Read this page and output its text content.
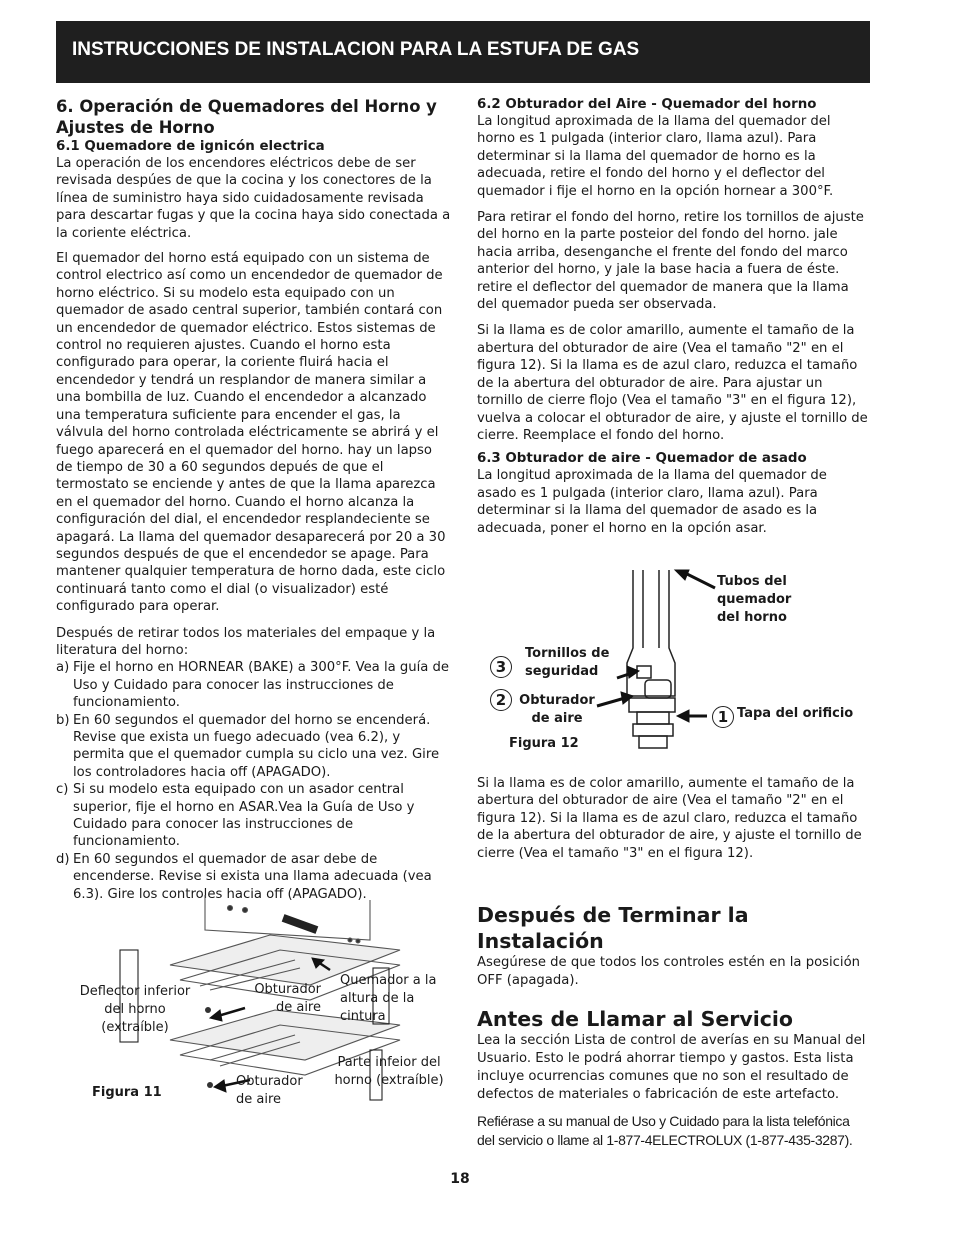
INSTRUCCIONES DE INSTALACION PARA LA ESTUFA DE GAS
6. Operación de Quemadores del Horno y Ajustes de Horno
6.1 Quemadore de ignicón electrica

La operación de los encendores eléctricos debe de ser revisada despúes de que la cocina y los conectores de la línea de suministro haya sido cuidadosamente revisada para descartar fugas y que la cocina haya sido conectada a la coriente eléctrica.

El quemador del horno está equipado con un sistema de control electrico así como un encendedor de quemador de horno eléctrico. Si su modelo esta equipado con un quemador de asado central superior, también contará con un encendedor de quemador eléctrico. Estos sistemas de control no requieren ajustes. Cuando el horno esta configurado para operar, la coriente fluirá hacia el encendedor y tendrá un resplandor de manera similar a una bombilla de luz. Cuando el encendedor a alcanzado una temperatura suficiente para encender el gas, la válvula del horno controlada eléctricamente se abrirá y el fuego aparecerá en el quemador del horno. hay un lapso de tiempo de 30 a 60 segundos depués de que el termostato se enciende y antes de que la llama aparezca en el quemador del horno. Cuando el horno alcanza la configuración del dial, el encendedor resplandeciente se apagará. La llama del quemador desaparecerá por 20 a 30 segundos después de que el encendedor se apage. Para mantener qualquier temperatura de horno dada, este ciclo continuará tanto como el dial (o visualizador) esté configurado para operar.

Después de retirar todos los materiales del empaque y la literatura del horno:

a) Fije el horno en HORNEAR (BAKE) a 300°F. Vea la guía de Uso y Cuidado para conocer las instrucciones de funcionamiento.
b) En 60 segundos el quemador del horno se encenderá. Revise que exista un fuego adecuado (vea 6.2), y permita que el quemador cumpla su ciclo una vez. Gire los controladores hacia off (APAGADO).
c) Si su modelo esta equipado con un asador central superior, fije el horno en ASAR.Vea la Guía de Uso y Cuidado para conocer las instrucciones de funcionamiento.
d) En 60 segundos el quemador de asar debe de encenderse. Revise si exista una llama adecuada (vea 6.3). Gire los controles hacia off (APAGADO).
6.2 Obturador del Aire - Quemador del horno

La longitud aproximada de la llama del quemador del horno es 1 pulgada (interior claro, llama azul). Para determinar si la llama del quemador de horno es la adecuada, retire el fondo del horno y el deflector del quemador i fije el horno en la opción hornear a 300°F.

Para retirar el fondo del horno, retire los tornillos de ajuste del horno en la parte posteior del fondo del horno. jale hacia arriba, desenganche el frente del fondo del marco anterior del horno, y jale la base hacia a fuera de éste. retire el deflector del quemador de manera que la llama del quemador pueda ser observada.

Si la llama es de color amarillo, aumente el tamaño de la abertura del obturador de aire (Vea el tamaño "2" en el figura 12). Si la llama es de azul claro, reduzca el tamaño de la abertura del obturador de aire. Para ajustar un tornillo de cierre flojo (Vea el tamaño "3" en el figura 12), vuelva a colocar el obturador de aire, y ajuste el tornillo de cierre. Reemplace el fondo del horno.

6.3 Obturador de aire - Quemador de asado

La longitud aproximada de la llama del quemador de asado es 1 pulgada (interior claro, llama azul). Para determinar si la llama del quemador de asado es la adecuada, poner el horno en la opción asar.

Tubos del quemador del horno
Tornillos de seguridad
Obturador de aire	Tapa del orificio
Figura 12
3
2
1

Si la llama es de color amarillo, aumente el tamaño de la abertura del obturador de aire (Vea el tamaño "2" en el figura 12). Si la llama es de azul claro, reduzca el tamaño de la abertura del obturador de aire, y ajuste el tornillo de cierre (Vea el tamaño "3" en el figura 12).

Después de Terminar la Instalación

Asegúrese de que todos los controles estén en la posición OFF (apagada).

Antes de Llamar al Servicio

Lea la sección Lista de control de averías en su Manual del Usuario. Esto le podrá ahorrar tiempo y gastos. Esta lista incluye ocurrencias comunes que no son el resultado de defectos de materiales o fabricación de este artefacto.

Refiérase a su manual de Uso y Cuidado para la lista telefónica del servicio o llame al 1-877-4ELECTROLUX (1-877-435-3287).

Deflector inferior del horno (extraíble)
Obturador de aire
Quemador a la altura de la cintura
Parte infeior del horno (extraíble)
Obturador de aire
Figura 11
18
